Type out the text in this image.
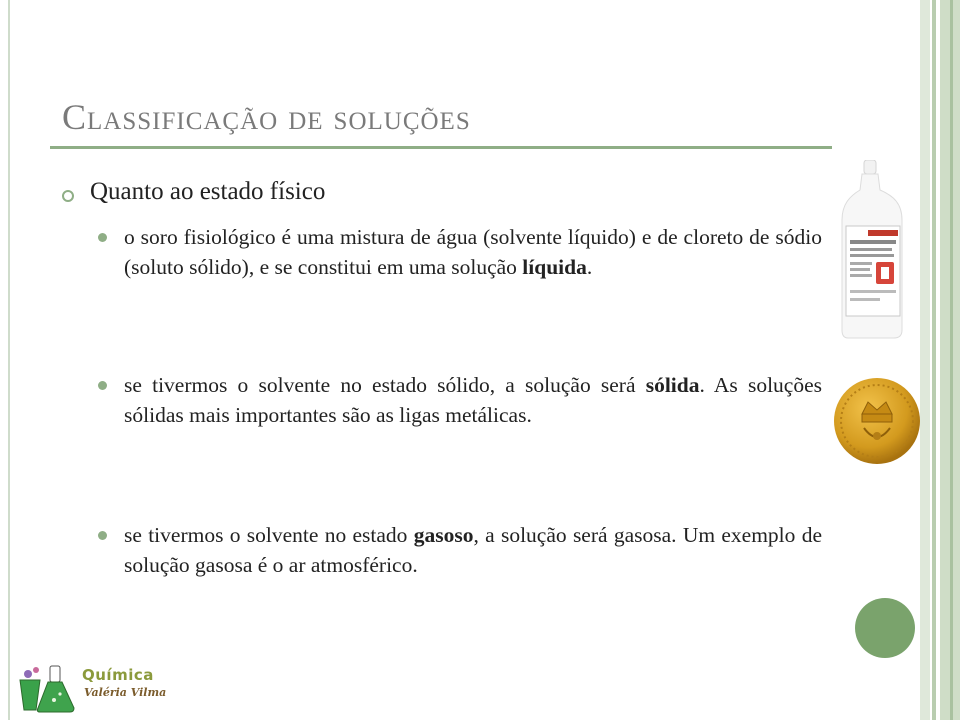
Classificação de soluções
Quanto ao estado físico
o soro fisiológico é uma mistura de água (solvente líquido) e de cloreto de sódio (soluto sólido), e se constitui em uma solução líquida.
se tivermos o solvente no estado sólido, a solução será sólida. As soluções sólidas mais importantes são as ligas metálicas.
se tivermos o solvente no estado gasoso, a solução será gasosa. Um exemplo de solução gasosa é o ar atmosférico.
Química
Valéria Vilma
